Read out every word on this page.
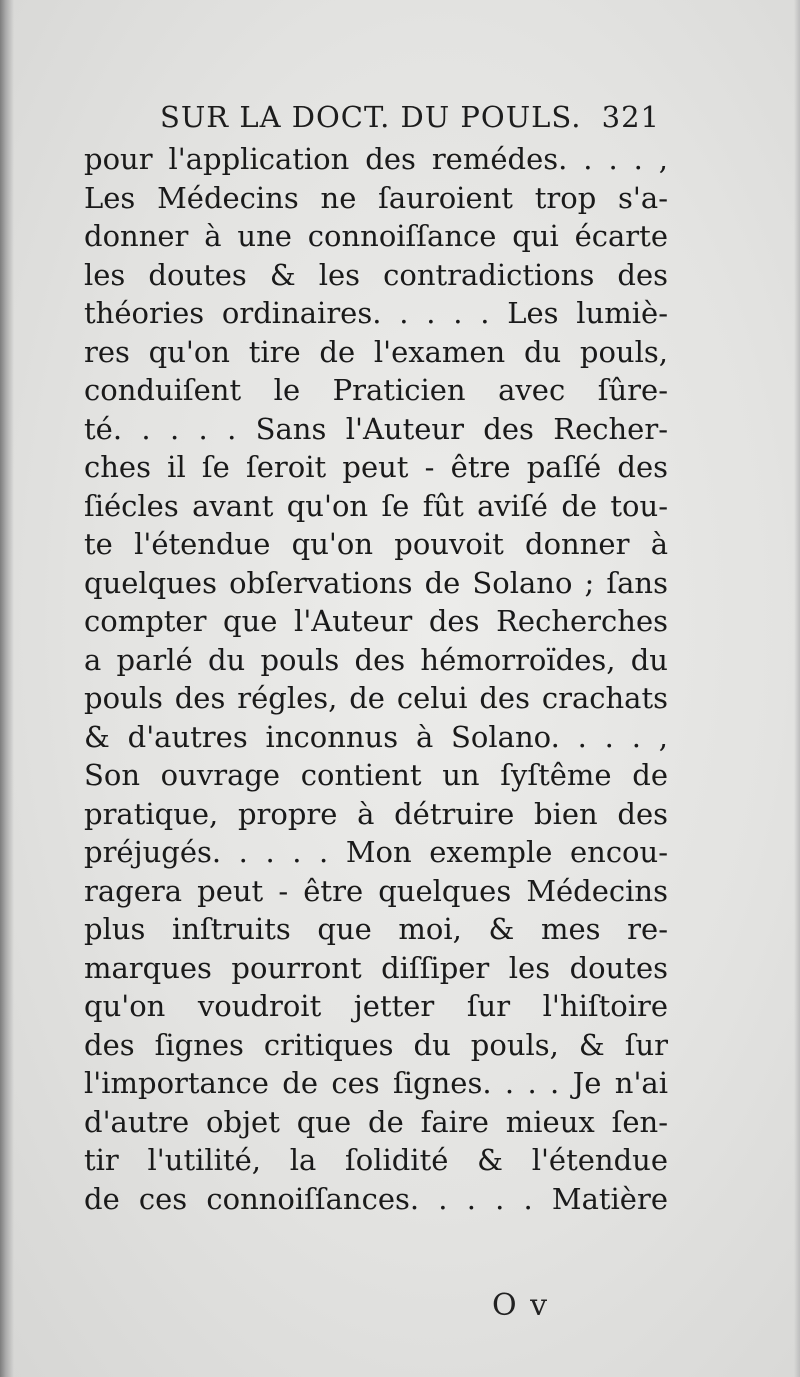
SUR LA DOCT. DU POULS. 321
pour l'application des remédes. . . . ,
Les Médecins ne ſauroient trop s'a-
donner à une connoiſſance qui écarte
les doutes & les contradictions des
théories ordinaires. . . . . Les lumiè-
res qu'on tire de l'examen du pouls,
conduiſent le Praticien avec ſûre-
té. . . . . Sans l'Auteur des Recher-
ches il ſe ſeroit peut - être paſſé des
ſiécles avant qu'on ſe fût aviſé de tou-
te l'étendue qu'on pouvoit donner à
quelques obſervations de Solano ; ſans
compter que l'Auteur des Recherches
a parlé du pouls des hémorroïdes, du
pouls des régles, de celui des crachats
& d'autres inconnus à Solano. . . . ,
Son ouvrage contient un ſyſtême de
pratique, propre à détruire bien des
préjugés. . . . . Mon exemple encou-
ragera peut - être quelques Médecins
plus inſtruits que moi, & mes re-
marques pourront diſſiper les doutes
qu'on voudroit jetter ſur l'hiſtoire
des ſignes critiques du pouls, & ſur
l'importance de ces ſignes. . . . Je n'ai
d'autre objet que de faire mieux ſen-
tir l'utilité, la ſolidité & l'étendue
de ces connoiſſances. . . . . Matière
O v
